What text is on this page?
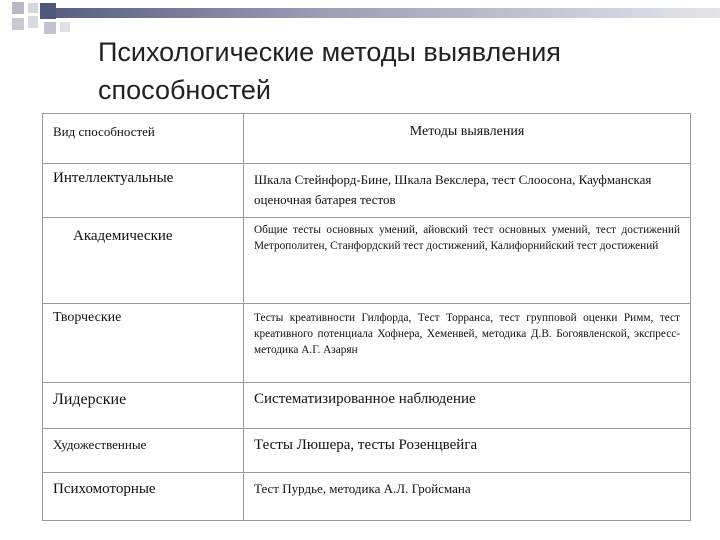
Психологические методы выявления способностей
Вид способностей	Методы выявления
Интеллектуальные	Шкала Стейнфорд-Бине, Шкала Векслера, тест Слоосона, Кауфманская оценочная батарея тестов
Академические	Общие тесты основных умений, айовский тест основных умений, тест достижений Метрополитен, Станфордский тест достижений, Калифорнийский тест достижений
Творческие	Тесты креативности Гилфорда, Тест Торранса, тест групповой оценки Римм, тест креативного потенциала Хофнера, Хеменвей, методика Д.В. Богоявленской, экспресс-методика А.Г. Азарян
Лидерские	Систематизированное наблюдение
Художественные	Тесты Люшера, тесты Розенцвейга
Психомоторные	Тест Пурдье, методика А.Л. Гройсмана
